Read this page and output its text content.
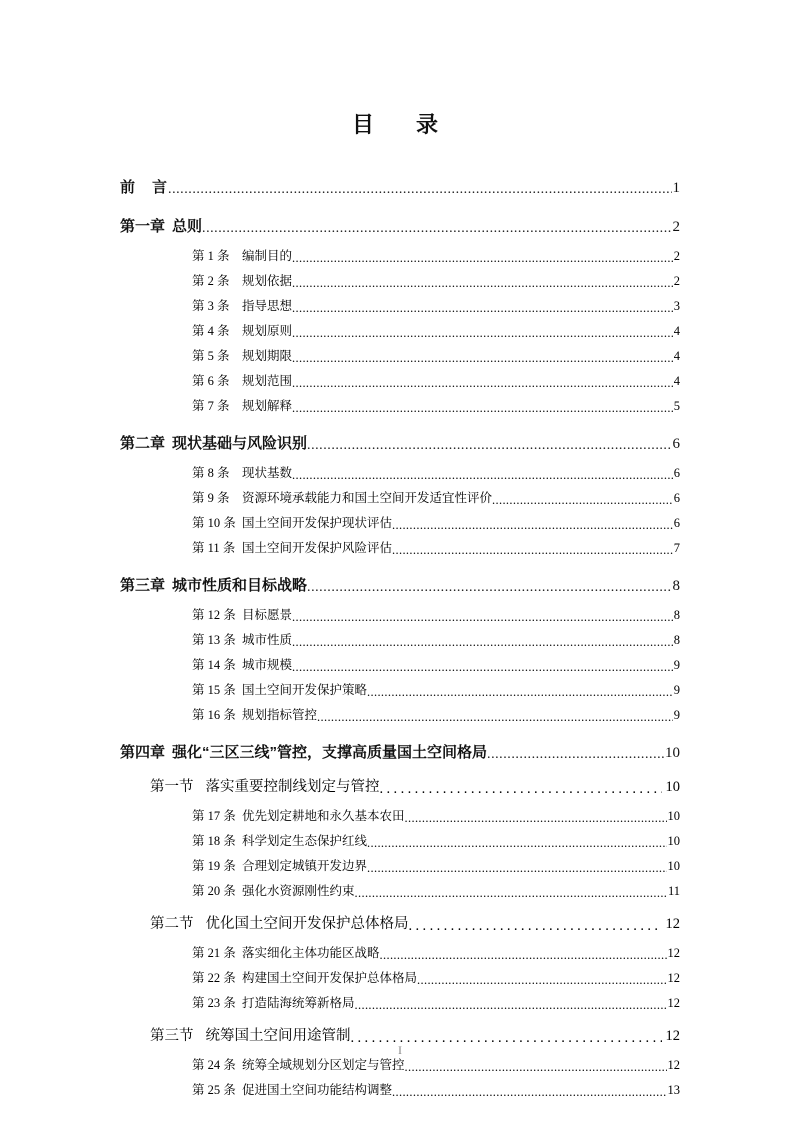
目　录
前　言 .....	1
第一章 总则 .....	2
第 1 条 编制目的 .....	2
第 2 条 规划依据 .....	2
第 3 条 指导思想 .....	3
第 4 条 规划原则 .....	4
第 5 条 规划期限 .....	4
第 6 条 规划范围 .....	4
第 7 条 规划解释 .....	5
第二章 现状基础与风险识别 .....	6
第 8 条 现状基数 .....	6
第 9 条 资源环境承载能力和国土空间开发适宜性评价 .....	6
第 10 条 国土空间开发保护现状评估 .....	6
第 11 条 国土空间开发保护风险评估 .....	7
第三章 城市性质和目标战略 .....	8
第 12 条 目标愿景 .....	8
第 13 条 城市性质 .....	8
第 14 条 城市规模 .....	9
第 15 条 国土空间开发保护策略 .....	9
第 16 条 规划指标管控 .....	9
第四章 强化“三区三线”管控，支撑高质量国土空间格局 .....	10
第一节 落实重要控制线划定与管控 .....	10
第 17 条 优先划定耕地和永久基本农田 .....	10
第 18 条 科学划定生态保护红线 .....	10
第 19 条 合理划定城镇开发边界 .....	10
第 20 条 强化水资源刚性约束 .....	11
第二节 优化国土空间开发保护总体格局 .....	12
第 21 条 落实细化主体功能区战略 .....	12
第 22 条 构建国土空间开发保护总体格局 .....	12
第 23 条 打造陆海统筹新格局 .....	12
第三节 统筹国土空间用途管制 .....	12
第 24 条 统筹全域规划分区划定与管控 .....	12
第 25 条 促进国土空间功能结构调整 .....	13
I
